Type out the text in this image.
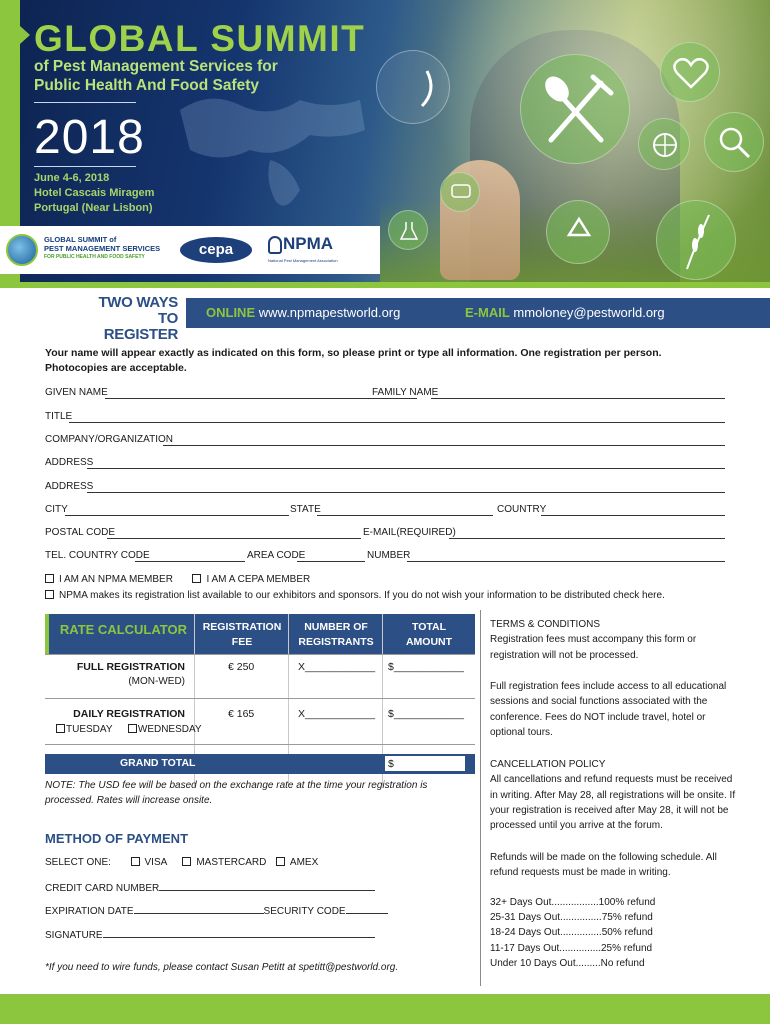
GLOBAL SUMMIT
of Pest Management Services for
Public Health And Food Safety
2018
June 4-6, 2018
Hotel Cascais Miragem
Portugal (Near Lisbon)
GLOBAL SUMMIT of
PEST MANAGEMENT SERVICES
FOR PUBLIC HEALTH AND FOOD SAFETY	cepa	NPMA
National Pest Management Association
TWO WAYS
TO REGISTER
ONLINE www.npmapestworld.org	E-MAIL mmoloney@pestworld.org
Your name will appear exactly as indicated on this form, so please print or type all information. One registration per person. Photocopies are acceptable.
GIVEN NAME	FAMILY NAME
TITLE
COMPANY/ORGANIZATION
ADDRESS
ADDRESS
CITY	STATE	COUNTRY
POSTAL CODE	E-MAIL(REQUIRED)
TEL. COUNTRY CODE	AREA CODE	NUMBER
I AM AN NPMA MEMBER	I AM A CEPA MEMBER
NPMA makes its registration list available to our exhibitors and sponsors. If you do not wish your information to be distributed check here.
RATE CALCULATOR	REGISTRATION
FEE
NUMBER OF
REGISTRANTS
TOTAL
AMOUNT
FULL REGISTRATION
(MON-WED)
€ 250	X____________ $____________
DAILY REGISTRATION
TUESDAY	WEDNESDAY
€ 165	X____________ $____________
GRAND TOTAL	$
NOTE: The USD fee will be based on the exchange rate at the time your registration is processed. Rates will increase onsite.
METHOD OF PAYMENT
SELECT ONE:	VISA	MASTERCARD AMEX
CREDIT CARD NUMBER
EXPIRATION DATE	SECURITY CODE
SIGNATURE
*If you need to wire funds, please contact Susan Petitt at spetitt@pestworld.org.
TERMS & CONDITIONS
Registration fees must accompany this form or registration will not be processed.
Full registration fees include access to all educational sessions and social functions associated with the conference. Fees do NOT include travel, hotel or optional tours.
CANCELLATION POLICY
All cancellations and refund requests must be received in writing. After May 28, all registrations will be onsite. If your registration is received after May 28, it will not be processed until you arrive at the forum.
Refunds will be made on the following schedule. All refund requests must be made in writing.
32+ Days Out.................100% refund
25-31 Days Out...............75% refund
18-24 Days Out...............50% refund
11-17 Days Out...............25% refund
Under 10 Days Out.........No refund
